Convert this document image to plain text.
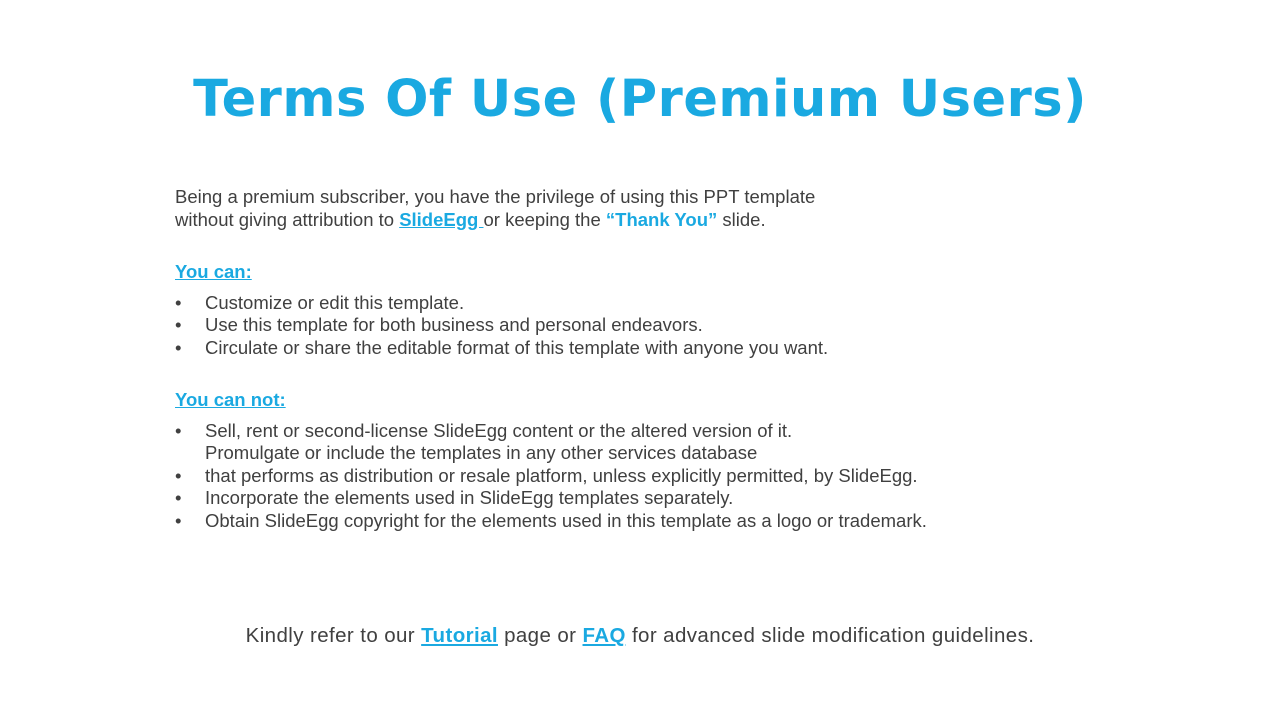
Terms Of Use (Premium Users)

Being a premium subscriber, you have the privilege of using this PPT template
without giving attribution to SlideEgg or keeping the “Thank You” slide.

You can:

• Customize or edit this template.
• Use this template for both business and personal endeavors.
• Circulate or share the editable format of this template with anyone you want.

You can not:

• Sell, rent or second-license SlideEgg content or the altered version of it.
Promulgate or include the templates in any other services database
• that performs as distribution or resale platform, unless explicitly permitted, by SlideEgg.
• Incorporate the elements used in SlideEgg templates separately.
• Obtain SlideEgg copyright for the elements used in this template as a logo or trademark.
Kindly refer to our Tutorial page or FAQ for advanced slide modification guidelines.
